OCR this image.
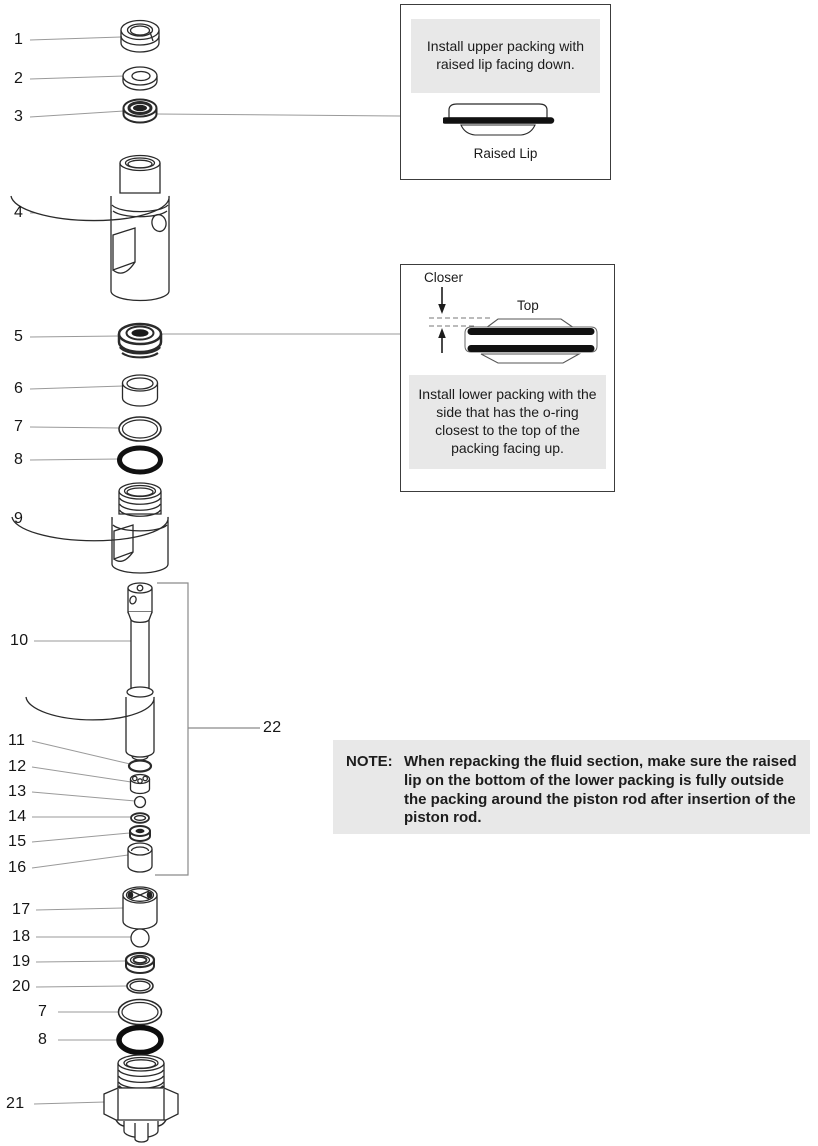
1
2
3
4
5
6
7
8
9
10
11
12
13
14
15
16
17
18
19
20
7
8
21
22
Install upper packing with raised lip facing down.
Raised Lip
Closer
Top
Install lower packing with the side that has the o-ring closest to the top of the packing facing up.
NOTE: When repacking the fluid section, make sure the raised lip on the bottom of the lower packing is fully outside the packing around the piston rod after insertion of the piston rod.
